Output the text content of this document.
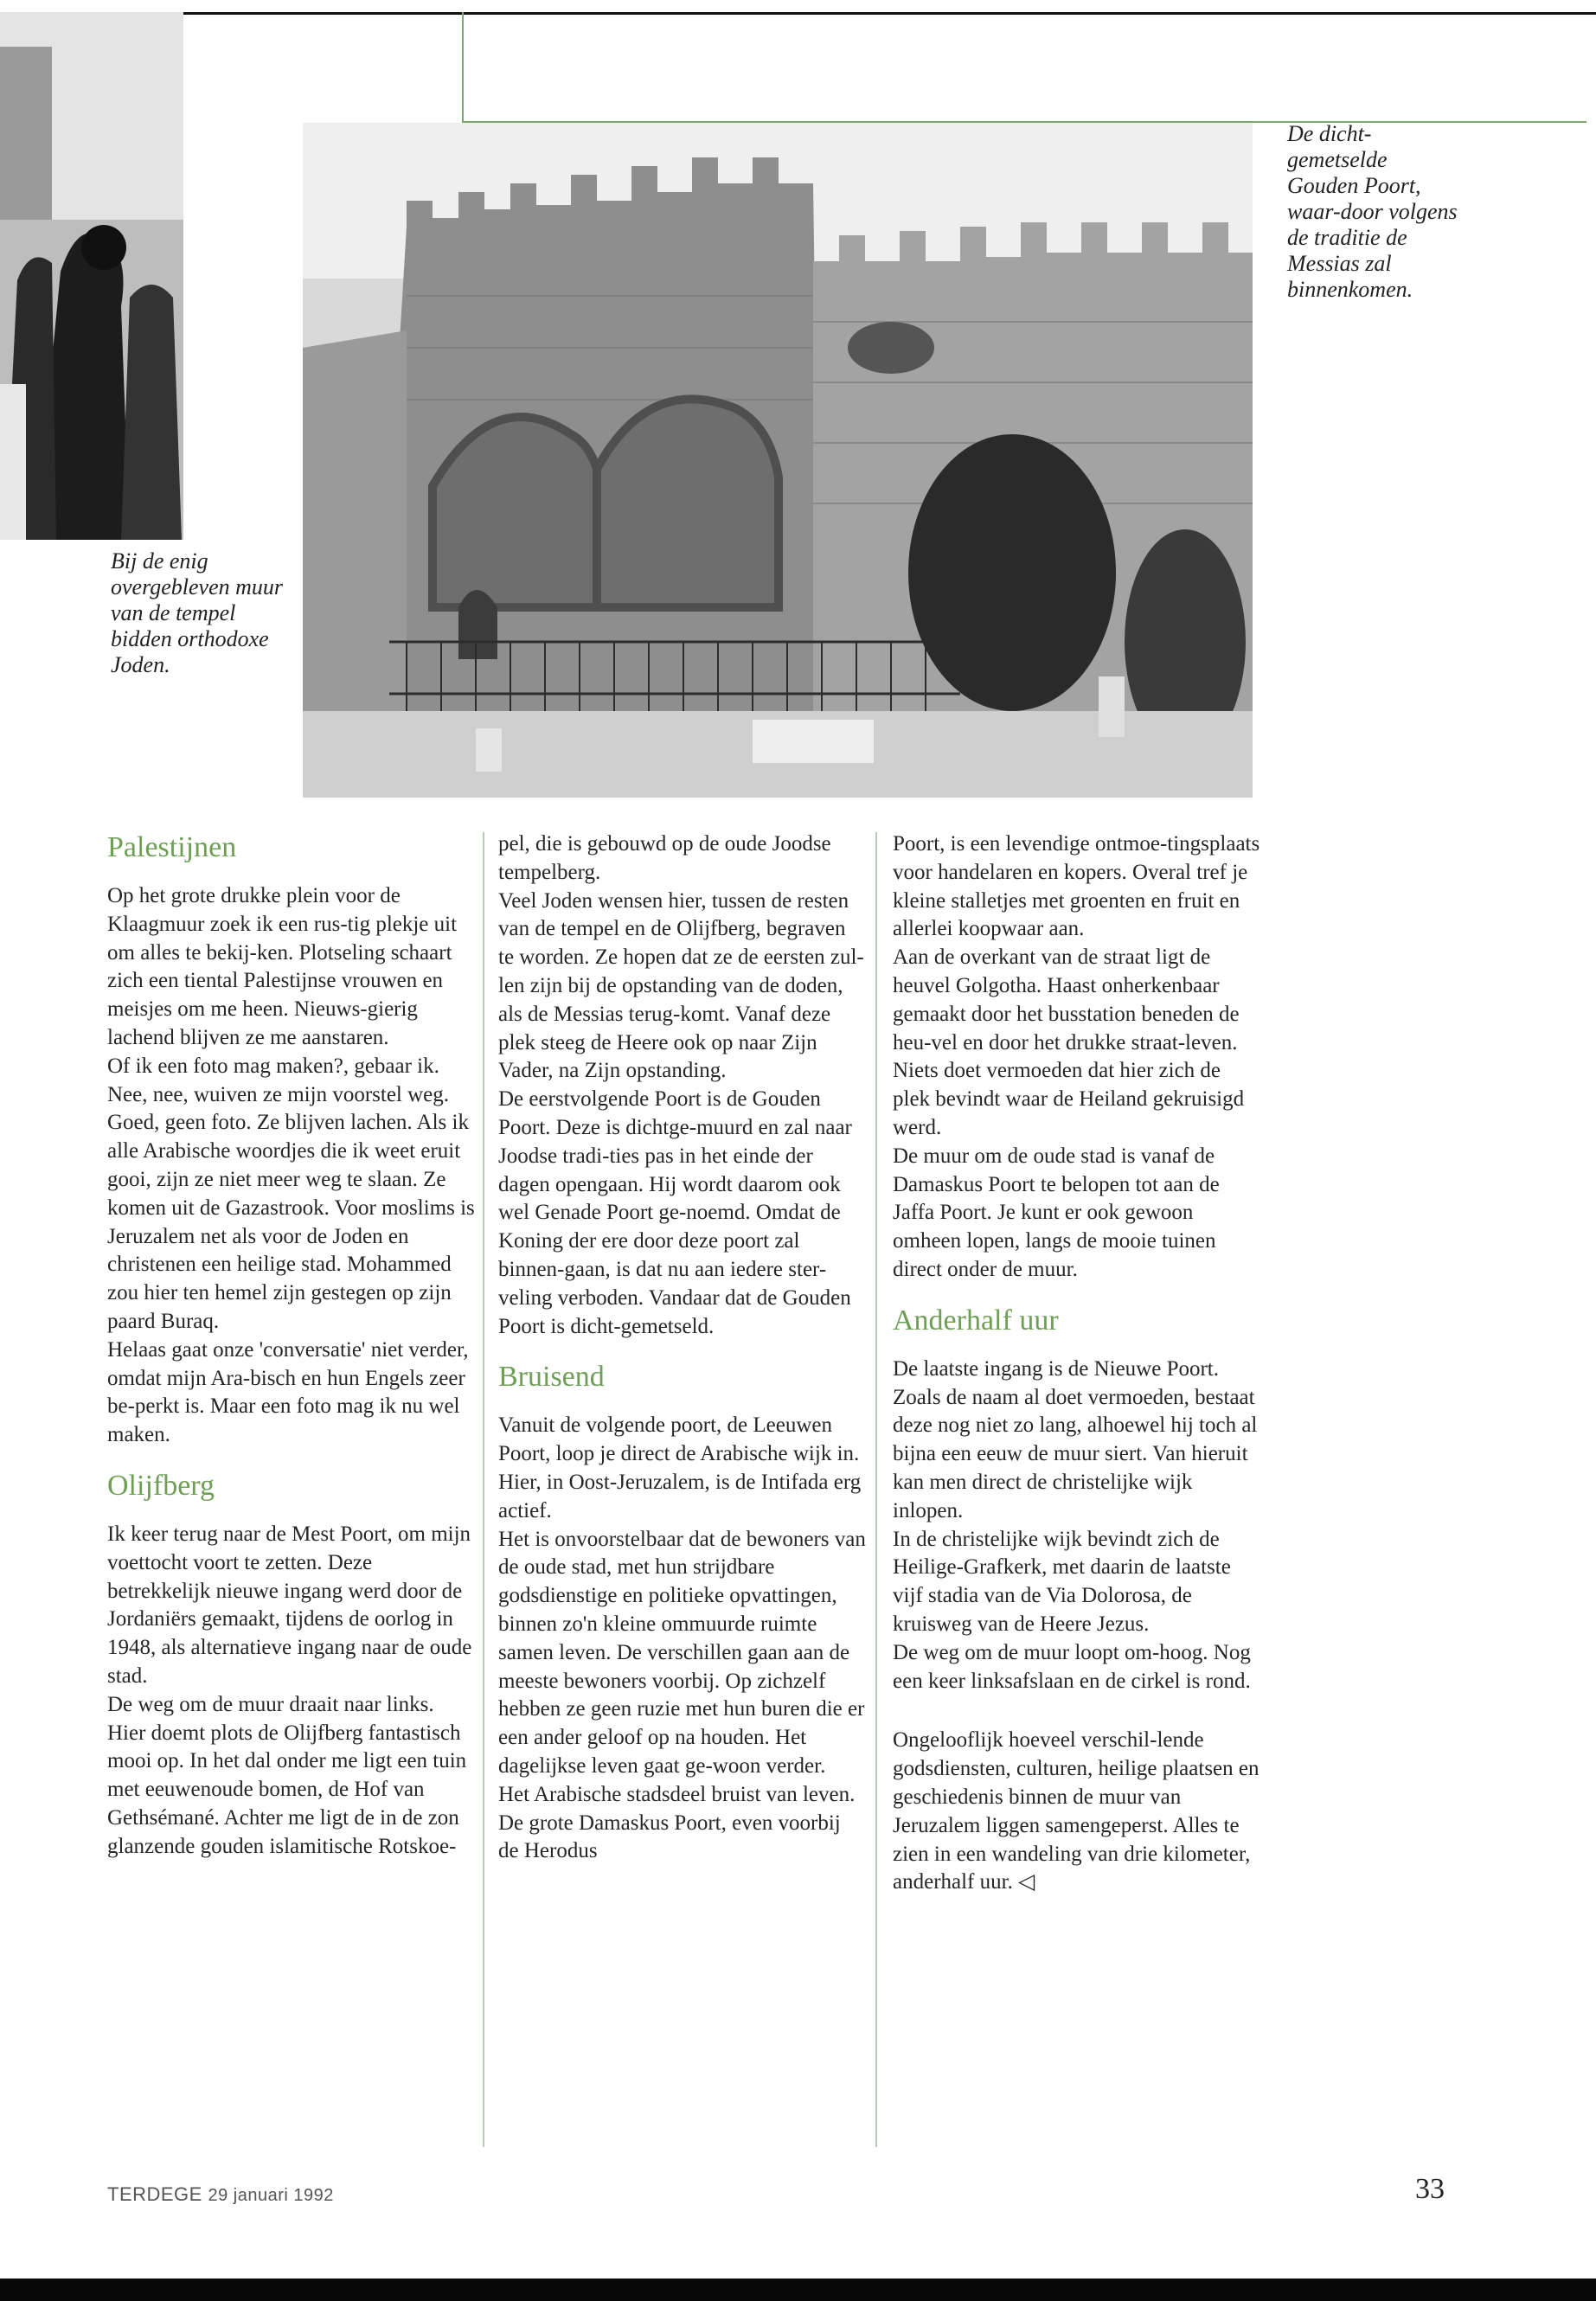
Bij de enig overgebleven muur van de tempel bidden orthodoxe Joden.
De dicht-gemetselde Gouden Poort, waar-door volgens de traditie de Messias zal binnenkomen.
Palestijnen

Op het grote drukke plein voor de Klaagmuur zoek ik een rus-tig plekje uit om alles te bekij-ken. Plotseling schaart zich een tiental Palestijnse vrouwen en meisjes om me heen. Nieuws-gierig lachend blijven ze me aanstaren.

Of ik een foto mag maken?, gebaar ik. Nee, nee, wuiven ze mijn voorstel weg. Goed, geen foto. Ze blijven lachen. Als ik alle Arabische woordjes die ik weet eruit gooi, zijn ze niet meer weg te slaan. Ze komen uit de Gazastrook. Voor moslims is Jeruzalem net als voor de Joden en christenen een heilige stad. Mohammed zou hier ten hemel zijn gestegen op zijn paard Buraq.

Helaas gaat onze 'conversatie' niet verder, omdat mijn Ara-bisch en hun Engels zeer be-perkt is. Maar een foto mag ik nu wel maken.

Olijfberg

Ik keer terug naar de Mest Poort, om mijn voettocht voort te zetten. Deze betrekkelijk nieuwe ingang werd door de Jordaniërs gemaakt, tijdens de oorlog in 1948, als alternatieve ingang naar de oude stad.

De weg om de muur draait naar links. Hier doemt plots de Olijfberg fantastisch mooi op. In het dal onder me ligt een tuin met eeuwenoude bomen, de Hof van Gethsémané. Achter me ligt de in de zon glanzende gouden islamitische Rotskoe-

pel, die is gebouwd op de oude Joodse tempelberg.

Veel Joden wensen hier, tussen de resten van de tempel en de Olijfberg, begraven te worden. Ze hopen dat ze de eersten zul-len zijn bij de opstanding van de doden, als de Messias terug-komt. Vanaf deze plek steeg de Heere ook op naar Zijn Vader, na Zijn opstanding.

De eerstvolgende Poort is de Gouden Poort. Deze is dichtge-muurd en zal naar Joodse tradi-ties pas in het einde der dagen opengaan. Hij wordt daarom ook wel Genade Poort ge-noemd. Omdat de Koning der ere door deze poort zal binnen-gaan, is dat nu aan iedere ster-veling verboden. Vandaar dat de Gouden Poort is dicht-gemetseld.

Bruisend

Vanuit de volgende poort, de Leeuwen Poort, loop je direct de Arabische wijk in. Hier, in Oost-Jeruzalem, is de Intifada erg actief.

Het is onvoorstelbaar dat de bewoners van de oude stad, met hun strijdbare godsdienstige en politieke opvattingen, binnen zo'n kleine ommuurde ruimte samen leven. De verschillen gaan aan de meeste bewoners voorbij. Op zichzelf hebben ze geen ruzie met hun buren die er een ander geloof op na houden. Het dagelijkse leven gaat ge-woon verder.

Het Arabische stadsdeel bruist van leven. De grote Damaskus Poort, even voorbij de Herodus

Poort, is een levendige ontmoe-tingsplaats voor handelaren en kopers. Overal tref je kleine stalletjes met groenten en fruit en allerlei koopwaar aan.

Aan de overkant van de straat ligt de heuvel Golgotha. Haast onherkenbaar gemaakt door het busstation beneden de heu-vel en door het drukke straat-leven. Niets doet vermoeden dat hier zich de plek bevindt waar de Heiland gekruisigd werd.

De muur om de oude stad is vanaf de Damaskus Poort te belopen tot aan de Jaffa Poort. Je kunt er ook gewoon omheen lopen, langs de mooie tuinen direct onder de muur.

Anderhalf uur

De laatste ingang is de Nieuwe Poort. Zoals de naam al doet vermoeden, bestaat deze nog niet zo lang, alhoewel hij toch al bijna een eeuw de muur siert. Van hieruit kan men direct de christelijke wijk inlopen.

In de christelijke wijk bevindt zich de Heilige-Grafkerk, met daarin de laatste vijf stadia van de Via Dolorosa, de kruisweg van de Heere Jezus.

De weg om de muur loopt om-hoog. Nog een keer linksafslaan en de cirkel is rond.

Ongelooflijk hoeveel verschil-lende godsdiensten, culturen, heilige plaatsen en geschiedenis binnen de muur van Jeruzalem liggen samengeperst. Alles te zien in een wandeling van drie kilometer, anderhalf uur. ◁

TERDEGE 29 januari 1992	33
